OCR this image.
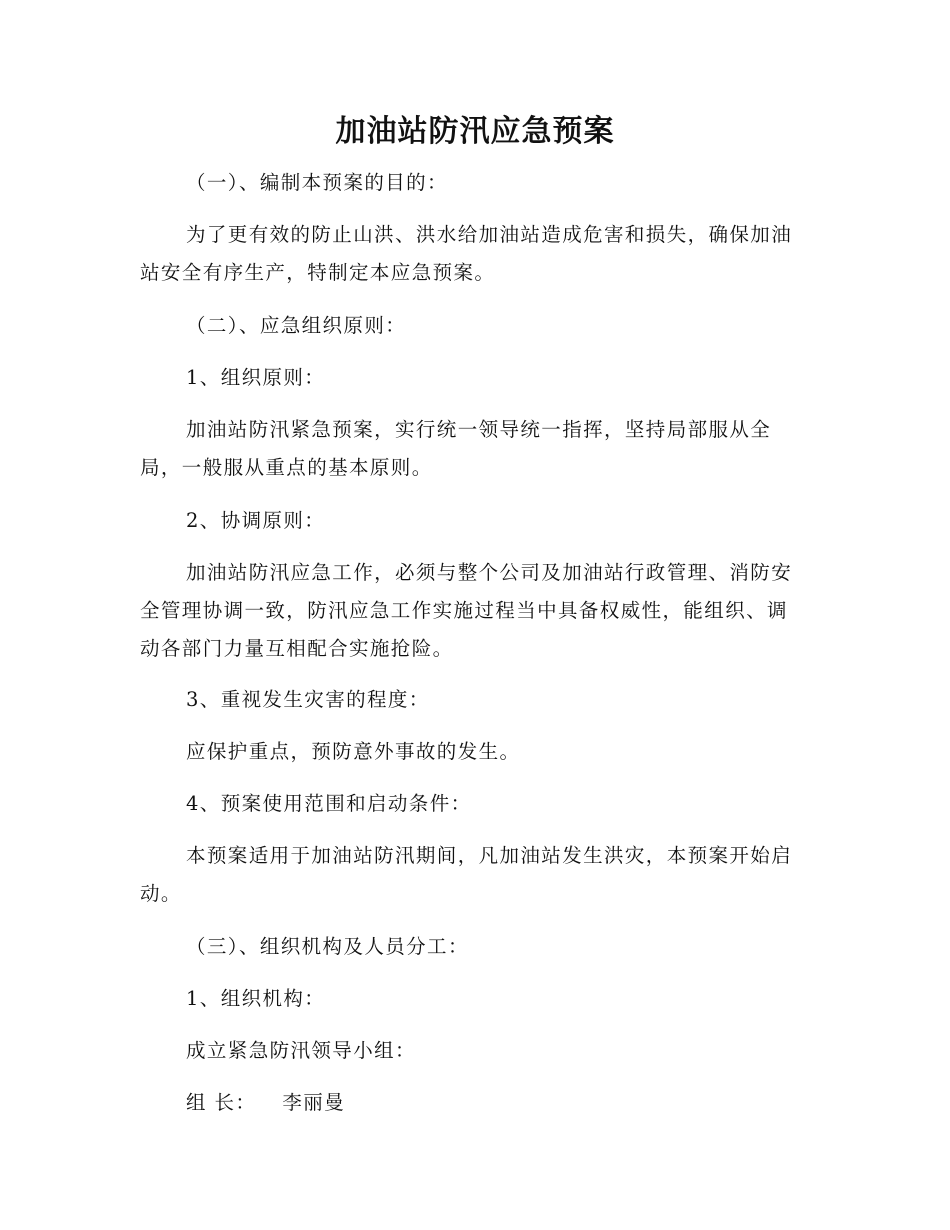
加油站防汛应急预案
（一）、编制本预案的目的：
为了更有效的防止山洪、洪水给加油站造成危害和损失，确保加油站安全有序生产，特制定本应急预案。
（二）、应急组织原则：
1、组织原则：
加油站防汛紧急预案，实行统一领导统一指挥，坚持局部服从全局，一般服从重点的基本原则。
2、协调原则：
加油站防汛应急工作，必须与整个公司及加油站行政管理、消防安全管理协调一致，防汛应急工作实施过程当中具备权威性，能组织、调动各部门力量互相配合实施抢险。
3、重视发生灾害的程度：
应保护重点，预防意外事故的发生。
4、预案使用范围和启动条件：
本预案适用于加油站防汛期间，凡加油站发生洪灾，本预案开始启动。
（三）、组织机构及人员分工：
1、组织机构：
成立紧急防汛领导小组：
组 长： 李丽曼
